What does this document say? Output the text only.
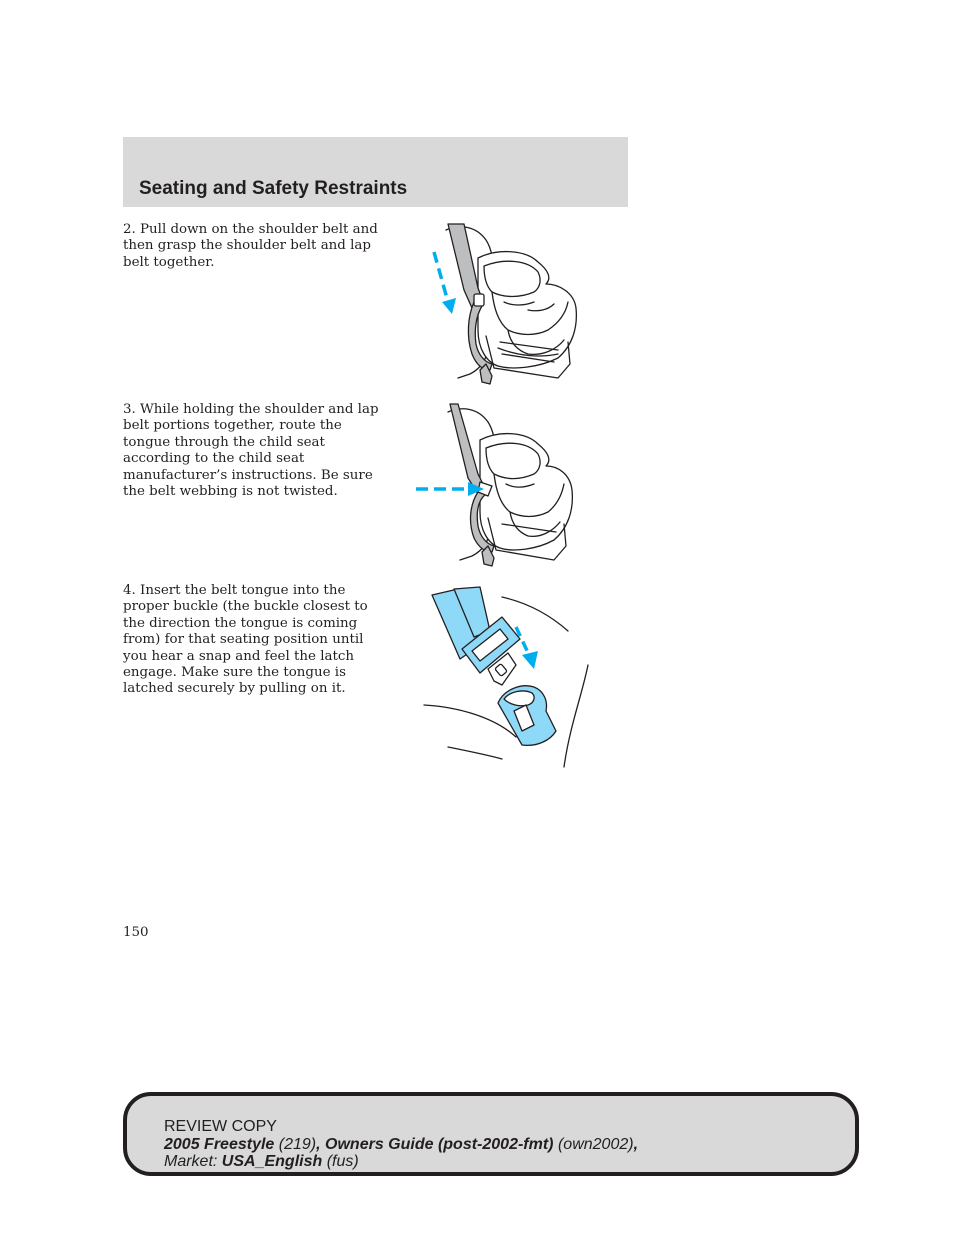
Seating and Safety Restraints

2. Pull down on the shoulder belt and then grasp the shoulder belt and lap belt together.

3. While holding the shoulder and lap belt portions together, route the tongue through the child seat according to the child seat manufacturer’s instructions. Be sure the belt webbing is not twisted.

4. Insert the belt tongue into the proper buckle (the buckle closest to the direction the tongue is coming from) for that seating position until you hear a snap and feel the latch engage. Make sure the tongue is latched securely by pulling on it.

150

REVIEW COPY
2005 Freestyle (219), Owners Guide (post-2002-fmt) (own2002),
Market: USA_English (fus)
